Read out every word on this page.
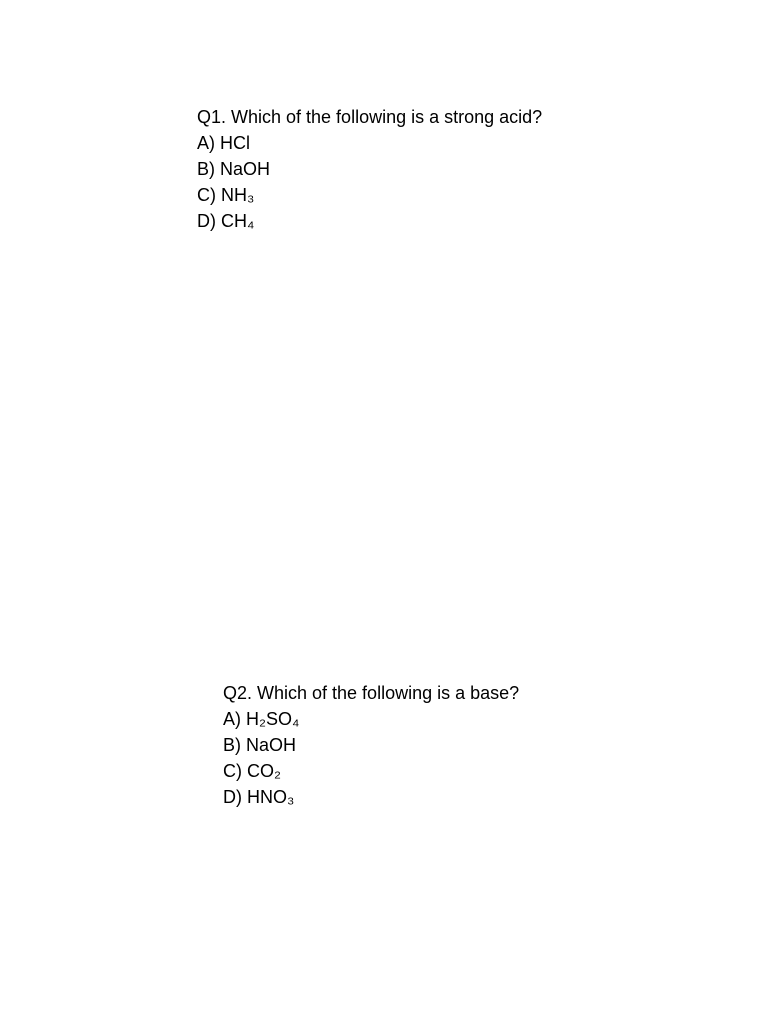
Q1. Which of the following is a strong acid?
A) HCl
B) NaOH
C) NH₃
D) CH₄
Q2. Which of the following is a base?
A) H₂SO₄
B) NaOH
C) CO₂
D) HNO₃
